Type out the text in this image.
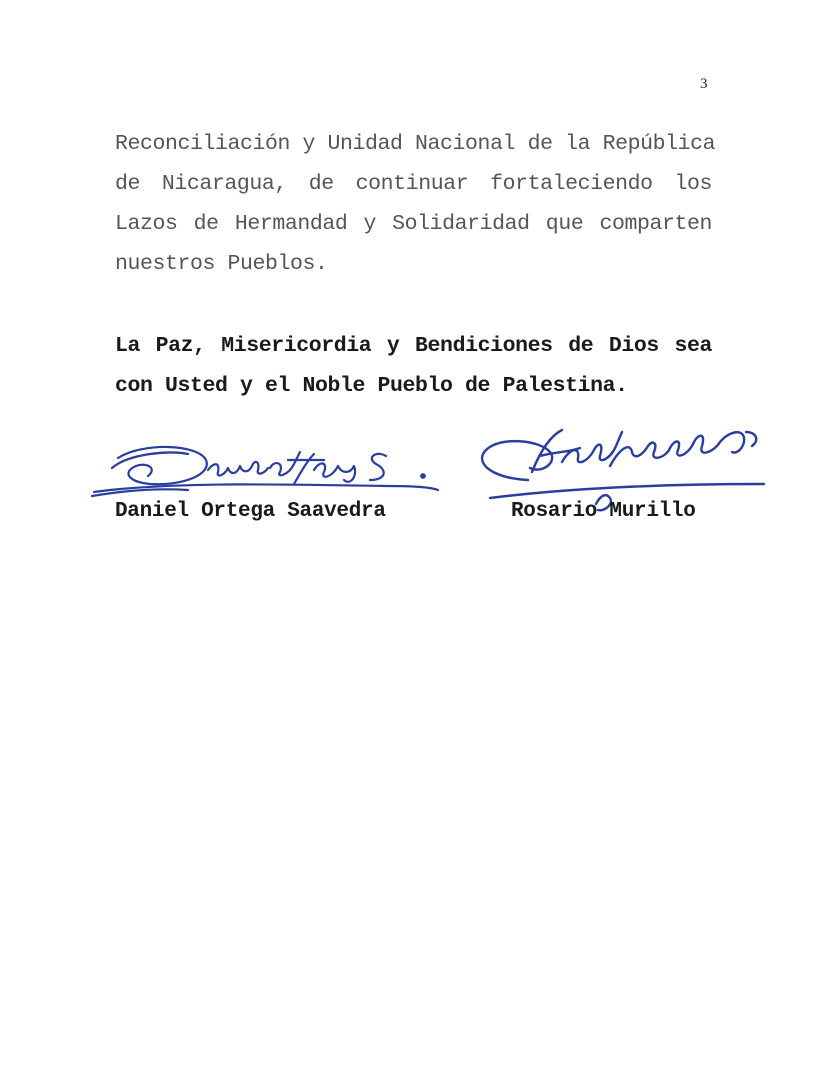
3
Reconciliación y Unidad Nacional de la República
de Nicaragua, de continuar fortaleciendo los
Lazos de Hermandad y Solidaridad que comparten
nuestros Pueblos.
La Paz, Misericordia y Bendiciones de Dios sea
con Usted y el Noble Pueblo de Palestina.
Daniel Ortega Saavedra	Rosario Murillo
